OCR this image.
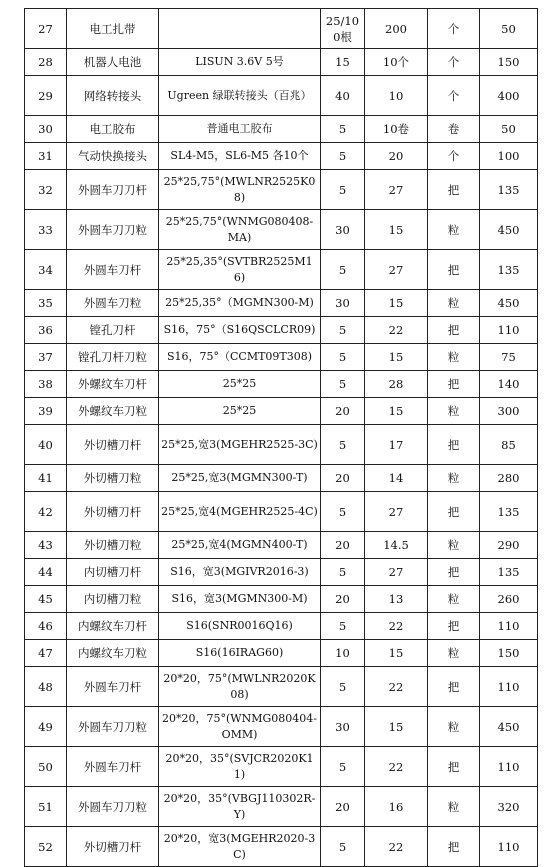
27	电工扎带		25/100根	200	个	50
28	机器人电池	LISUN 3.6V 5号	15	10个	个	150
29	网络转接头	Ugreen 绿联转接头（百兆）	40	10	个	400
30	电工胶布	普通电工胶布	5	10卷	卷	50
31	气动快换接头	SL4-M5，SL6-M5 各10个	5	20	个	100
32	外圆车刀刀杆	25*25,75°(MWLNR2525K08)	5	27	把	135
33	外圆车刀刀粒	25*25,75°(WNMG080408-MA)	30	15	粒	450
34	外圆车刀杆	25*25,35°(SVTBR2525M16)	5	27	把	135
35	外圆车刀粒	25*25,35°（MGMN300-M)	30	15	粒	450
36	镗孔刀杆	S16，75°（S16QSCLCR09)	5	22	把	110
37	镗孔刀杆刀粒	S16，75°（CCMT09T308)	5	15	粒	75
38	外螺纹车刀杆	25*25	5	28	把	140
39	外螺纹车刀粒	25*25	20	15	粒	300
40	外切槽刀杆	25*25,宽3(MGEHR2525-3C)	5	17	把	85
41	外切槽刀粒	25*25,宽3(MGMN300-T)	20	14	粒	280
42	外切槽刀杆	25*25,宽4(MGEHR2525-4C)	5	27	把	135
43	外切槽刀粒	25*25,宽4(MGMN400-T)	20	14.5	粒	290
44	内切槽刀杆	S16，宽3(MGIVR2016-3)	5	27	把	135
45	内切槽刀粒	S16，宽3(MGMN300-M)	20	13	粒	260
46	内螺纹车刀杆	S16(SNR0016Q16)	5	22	把	110
47	内螺纹车刀粒	S16(16IRAG60)	10	15	粒	150
48	外圆车刀杆	20*20，75°(MWLNR2020K08)	5	22	把	110
49	外圆车刀刀粒	20*20，75°(WNMG080404-OMM)	30	15	粒	450
50	外圆车刀杆	20*20，35°(SVJCR2020K11)	5	22	把	110
51	外圆车刀刀粒	20*20，35°(VBGJ110302R-Y)	20	16	粒	320
52	外切槽刀杆	20*20，宽3(MGEHR2020-3C)	5	22	把	110
